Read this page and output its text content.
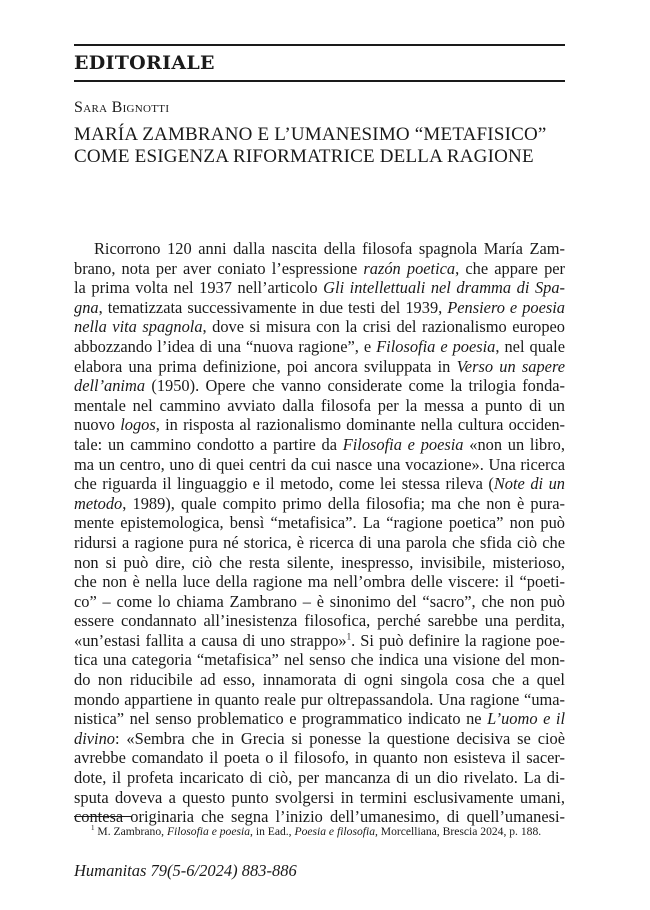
EDITORIALE

Sara Bignotti

MARÍA ZAMBRANO E L’UMANESIMO “METAFISICO”
COME ESIGENZA RIFORMATRICE DELLA RAGIONE
Ricorrono 120 anni dalla nascita della filosofa spagnola María Zam-
brano, nota per aver coniato l’espressione razón poetica, che appare per
la prima volta nel 1937 nell’articolo Gli intellettuali nel dramma di Spa-
gna, tematizzata successivamente in due testi del 1939, Pensiero e poesia
nella vita spagnola, dove si misura con la crisi del razionalismo europeo
abbozzando l’idea di una “nuova ragione”, e Filosofia e poesia, nel quale
elabora una prima definizione, poi ancora sviluppata in Verso un sapere
dell’anima (1950). Opere che vanno considerate come la trilogia fonda-
mentale nel cammino avviato dalla filosofa per la messa a punto di un
nuovo logos, in risposta al razionalismo dominante nella cultura occiden-
tale: un cammino condotto a partire da Filosofia e poesia «non un libro,
ma un centro, uno di quei centri da cui nasce una vocazione». Una ricerca
che riguarda il linguaggio e il metodo, come lei stessa rileva (Note di un
metodo, 1989), quale compito primo della filosofia; ma che non è pura-
mente epistemologica, bensì “metafisica”. La “ragione poetica” non può
ridursi a ragione pura né storica, è ricerca di una parola che sfida ciò che
non si può dire, ciò che resta silente, inespresso, invisibile, misterioso,
che non è nella luce della ragione ma nell’ombra delle viscere: il “poeti-
co” – come lo chiama Zambrano – è sinonimo del “sacro”, che non può
essere condannato all’inesistenza filosofica, perché sarebbe una perdita,
«un’estasi fallita a causa di uno strappo»$^1$. Si può definire la ragione poe-
tica una categoria “metafisica” nel senso che indica una visione del mon-
do non riducibile ad esso, innamorata di ogni singola cosa che a quel
mondo appartiene in quanto reale pur oltrepassandola. Una ragione “uma-
nistica” nel senso problematico e programmatico indicato ne L’uomo e il
divino: «Sembra che in Grecia si ponesse la questione decisiva se cioè
avrebbe comandato il poeta o il filosofo, in quanto non esisteva il sacer-
dote, il profeta incaricato di ciò, per mancanza di un dio rivelato. La di-
sputa doveva a questo punto svolgersi in termini esclusivamente umani,
contesa originaria che segna l’inizio dell’umanesimo, di quell’umanesi-
$^1$ M. Zambrano, Filosofia e poesia, in Ead., Poesia e filosofia, Morcelliana, Brescia 2024, p. 188.
Humanitas 79(5-6/2024) 883-886
